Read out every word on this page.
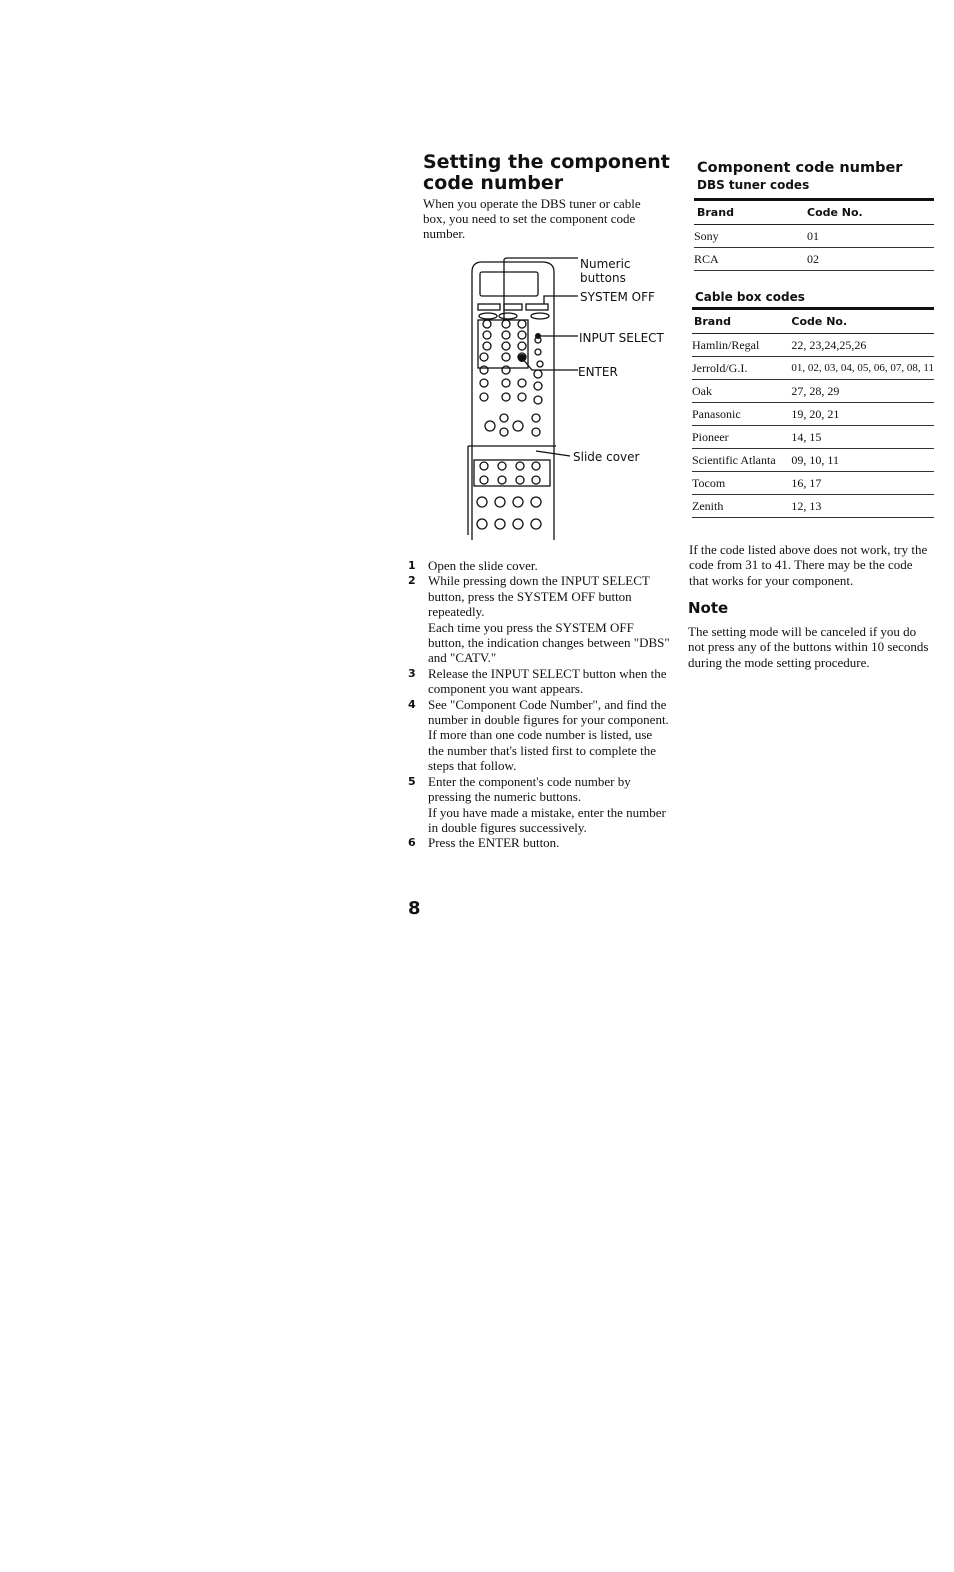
Setting the component code number
When you operate the DBS tuner or cable box, you need to set the component code number.
Numeric buttons
SYSTEM OFF
INPUT SELECT
ENTER
Slide cover
1 Open the slide cover.

2 While pressing down the INPUT SELECT button, press the SYSTEM OFF button repeatedly.

Each time you press the SYSTEM OFF button, the indication changes between "DBS" and "CATV."

3 Release the INPUT SELECT button when the component you want appears.

4 See "Component Code Number", and find the number in double figures for your component.

If more than one code number is listed, use the number that's listed first to complete the steps that follow.

5 Enter the component's code number by pressing the numeric buttons.

If you have made a mistake, enter the number in double figures successively.

6 Press the ENTER button.

8
Component code number
DBS tuner codes
Brand	Code No.
Sony	01
RCA	02
Cable box codes
Brand	Code No.
Hamlin/Regal	22, 23,24,25,26
Jerrold/G.I.	01, 02, 03, 04, 05, 06, 07, 08, 11
Oak	27, 28, 29
Panasonic	19, 20, 21
Pioneer	14, 15
Scientific Atlanta	09, 10, 11
Tocom	16, 17
Zenith	12, 13
If the code listed above does not work, try the code from 31 to 41. There may be the code that works for your component.
Note
The setting mode will be canceled if you do not press any of the buttons within 10 seconds during the mode setting procedure.
